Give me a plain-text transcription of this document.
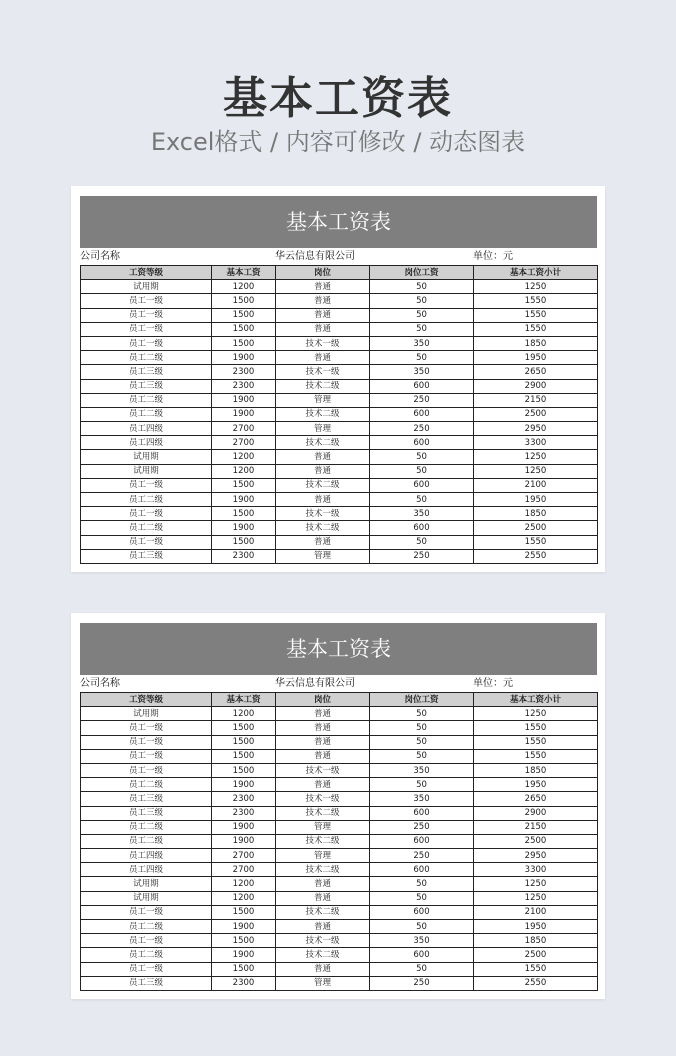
基本工资表
Excel格式 / 内容可修改 / 动态图表
基本工资表
公司名称	华云信息有限公司	单位：元
工资等级	基本工资	岗位	岗位工资	基本工资小计
试用期	1200	普通	50	1250
员工一级	1500	普通	50	1550
员工一级	1500	普通	50	1550
员工一级	1500	普通	50	1550
员工一级	1500	技术一级	350	1850
员工二级	1900	普通	50	1950
员工三级	2300	技术一级	350	2650
员工三级	2300	技术二级	600	2900
员工二级	1900	管理	250	2150
员工二级	1900	技术二级	600	2500
员工四级	2700	管理	250	2950
员工四级	2700	技术二级	600	3300
试用期	1200	普通	50	1250
试用期	1200	普通	50	1250
员工一级	1500	技术二级	600	2100
员工二级	1900	普通	50	1950
员工一级	1500	技术一级	350	1850
员工二级	1900	技术二级	600	2500
员工一级	1500	普通	50	1550
员工三级	2300	管理	250	2550
基本工资表
公司名称	华云信息有限公司	单位：元
工资等级	基本工资	岗位	岗位工资	基本工资小计
试用期	1200	普通	50	1250
员工一级	1500	普通	50	1550
员工一级	1500	普通	50	1550
员工一级	1500	普通	50	1550
员工一级	1500	技术一级	350	1850
员工二级	1900	普通	50	1950
员工三级	2300	技术一级	350	2650
员工三级	2300	技术二级	600	2900
员工二级	1900	管理	250	2150
员工二级	1900	技术二级	600	2500
员工四级	2700	管理	250	2950
员工四级	2700	技术二级	600	3300
试用期	1200	普通	50	1250
试用期	1200	普通	50	1250
员工一级	1500	技术二级	600	2100
员工二级	1900	普通	50	1950
员工一级	1500	技术一级	350	1850
员工二级	1900	技术二级	600	2500
员工一级	1500	普通	50	1550
员工三级	2300	管理	250	2550
